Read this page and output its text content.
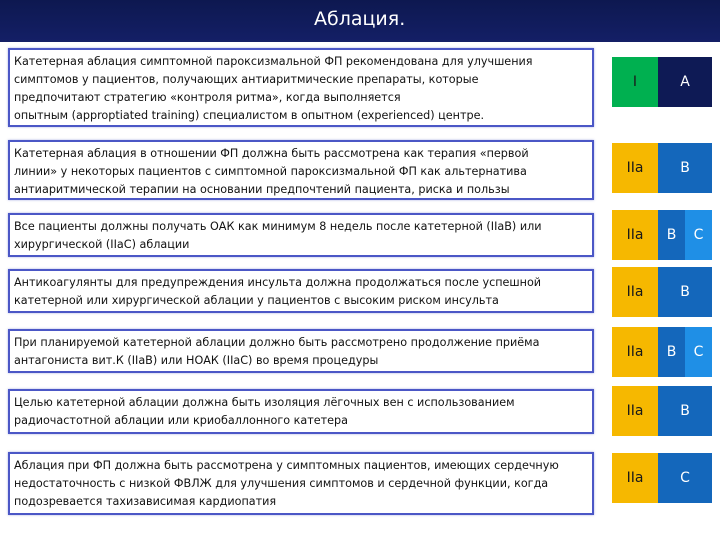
Аблация.
Катетерная аблация симптомной пароксизмальной ФП рекомендована для улучшения
симптомов у пациентов, получающих антиаритмические препараты, которые
предпочитают стратегию «контроля ритма», когда выполняется
опытным (approptiated training) специалистом в опытном (experienced) центре.
I	A
Катетерная аблация в отношении ФП должна быть рассмотрена как терапия «первой
линии» у некоторых пациентов с симптомной пароксизмальной ФП как альтернатива
антиаритмической терапии на основании предпочтений пациента, риска и пользы
IIa	B
Все пациенты должны получать ОАК как минимум 8 недель после катетерной (IIaB) или
хирургической (IIaC) аблации
IIa	B	C
Антикоагулянты для предупреждения инсульта должна продолжаться после успешной
катетерной или хирургической аблации у пациентов с высоким риском инсульта
IIa	B
При планируемой катетерной аблации должно быть рассмотрено продолжение приёма
антагониста вит.К (IIaB) или НОАК (IIaC) во время процедуры
IIa	B	C
Целью катетерной аблации должна быть изоляция лёгочных вен с использованием
радиочастотной аблации или криобаллонного катетера
IIa	B
Аблация при ФП должна быть рассмотрена у симптомных пациентов, имеющих сердечную
недостаточность с низкой ФВЛЖ для улучшения симптомов и сердечной функции, когда
подозревается тахизависимая кардиопатия
IIa	C
